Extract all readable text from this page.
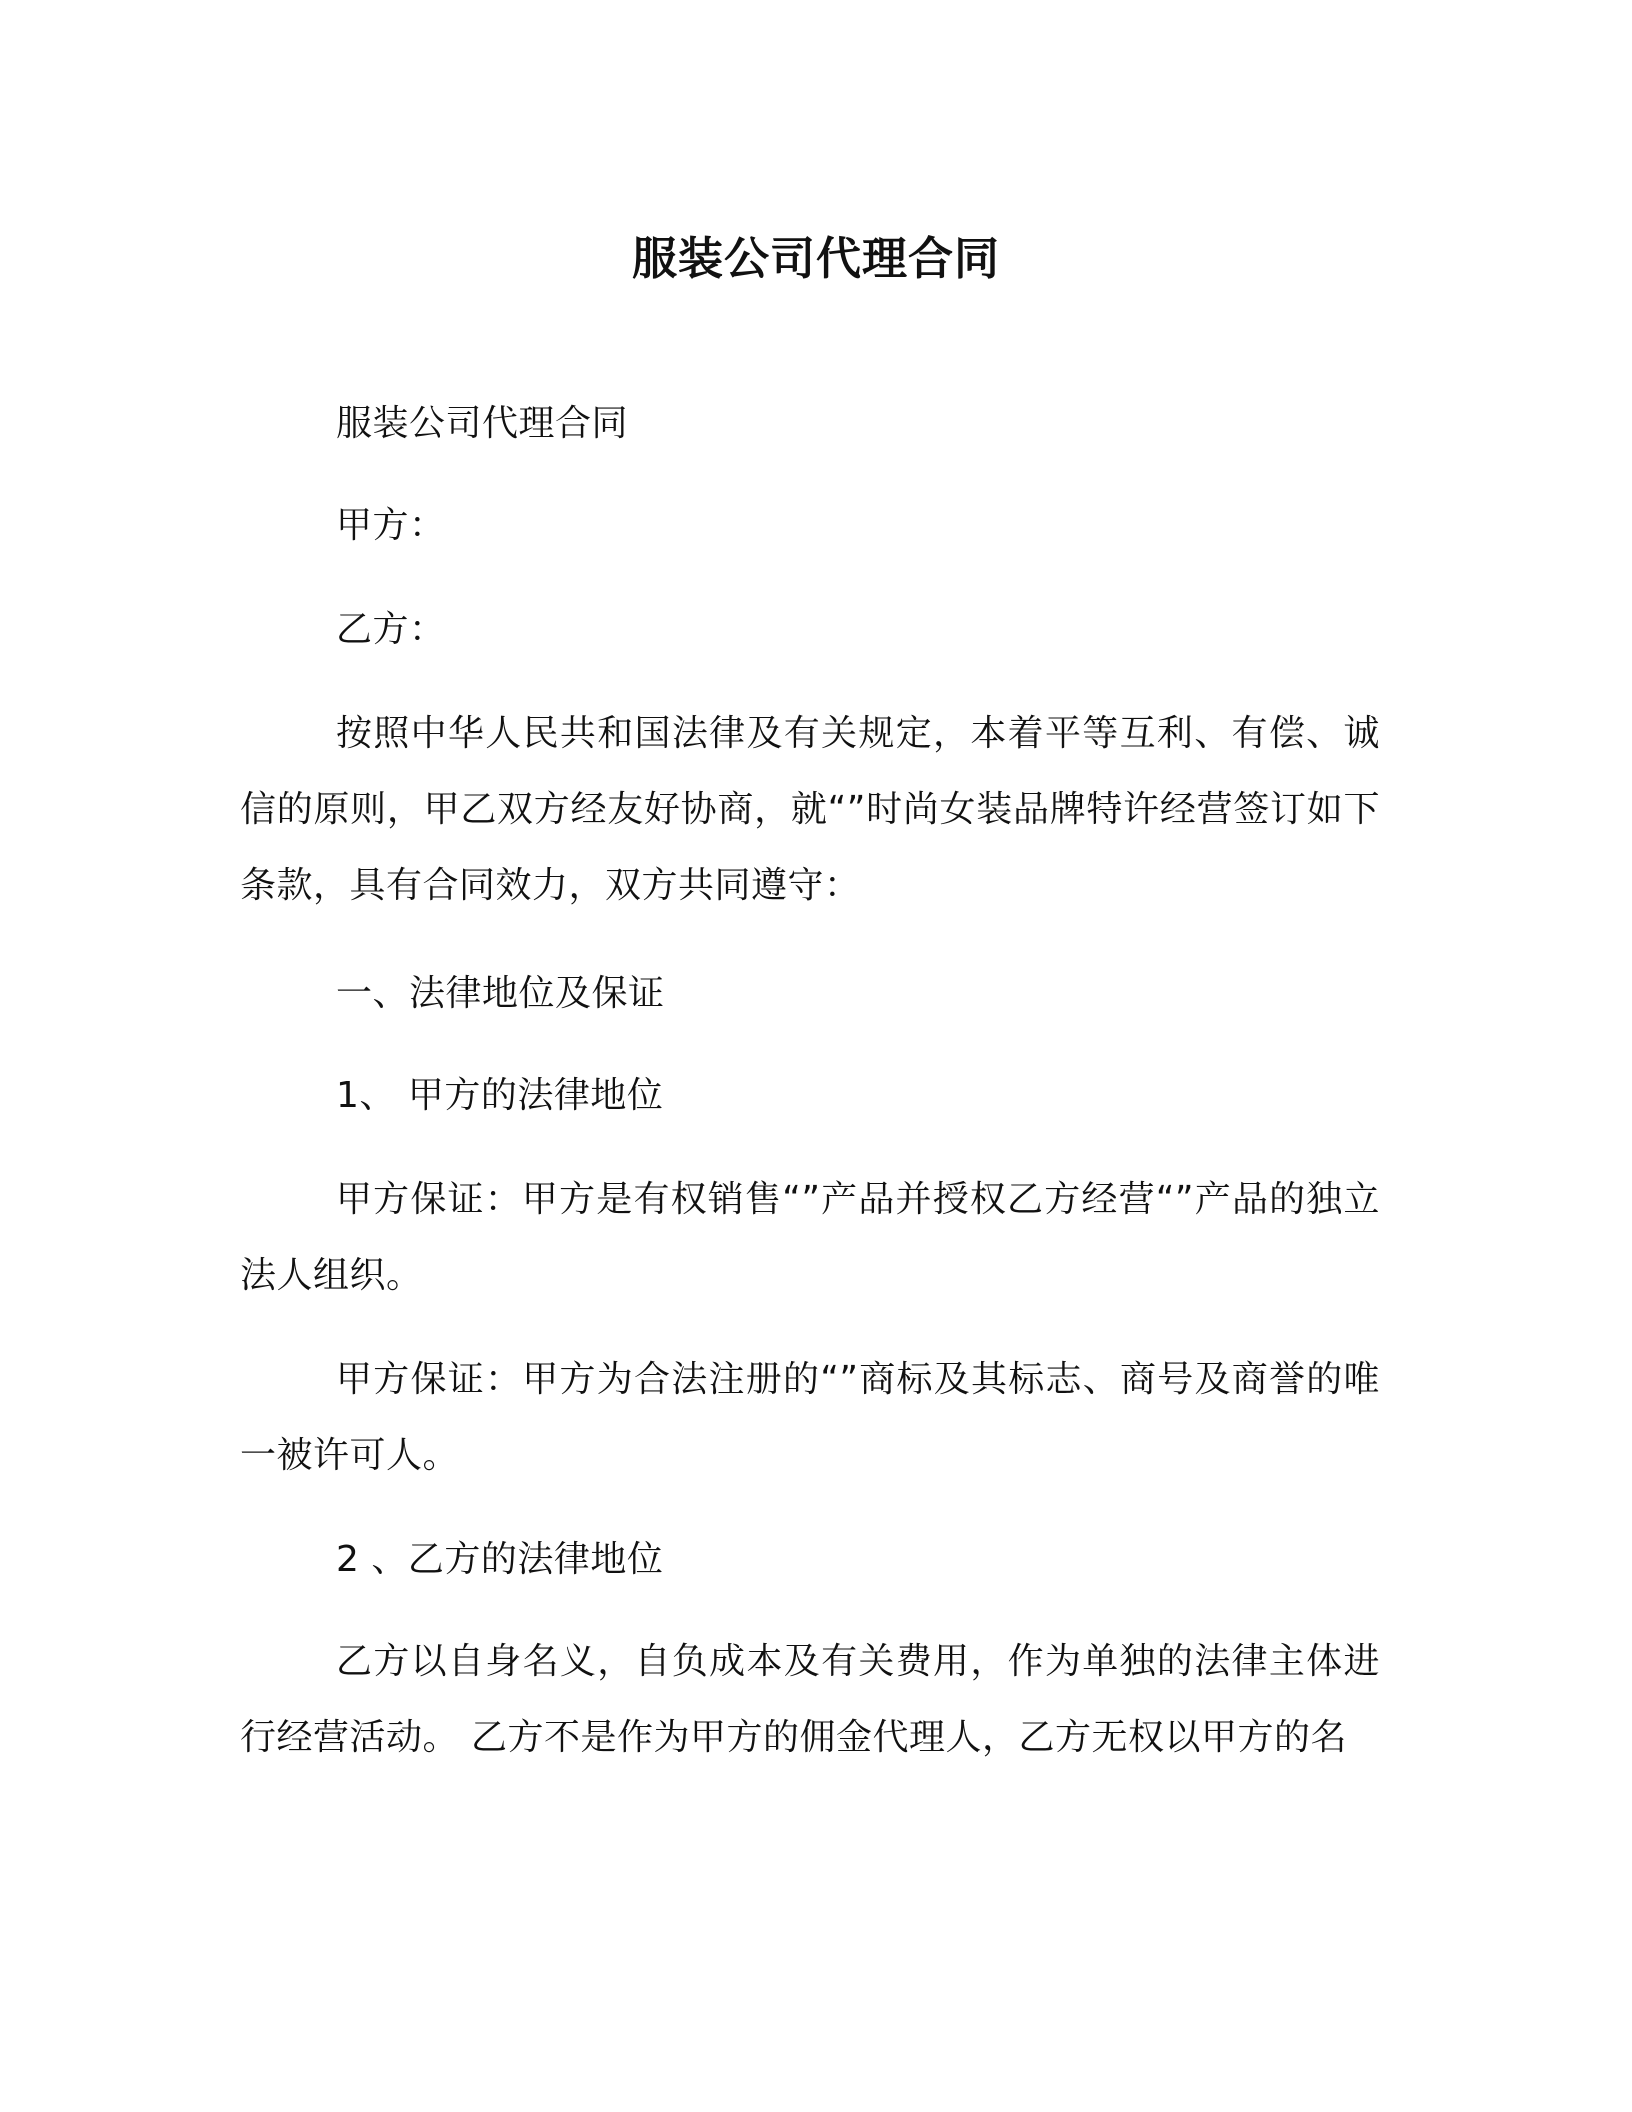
服装公司代理合同

服装公司代理合同

甲方：

乙方：

按照中华人民共和国法律及有关规定，本着平等互利、有偿、诚信的原则，甲乙双方经友好协商，就“”时尚女装品牌特许经营签订如下条款，具有合同效力，双方共同遵守：

一、法律地位及保证

1、 甲方的法律地位

甲方保证：甲方是有权销售“”产品并授权乙方经营“”产品的独立法人组织。

甲方保证：甲方为合法注册的“”商标及其标志、商号及商誉的唯一被许可人。

2 、乙方的法律地位

乙方以自身名义，自负成本及有关费用，作为单独的法律主体进行经营活动。 乙方不是作为甲方的佣金代理人，乙方无权以甲方的名
